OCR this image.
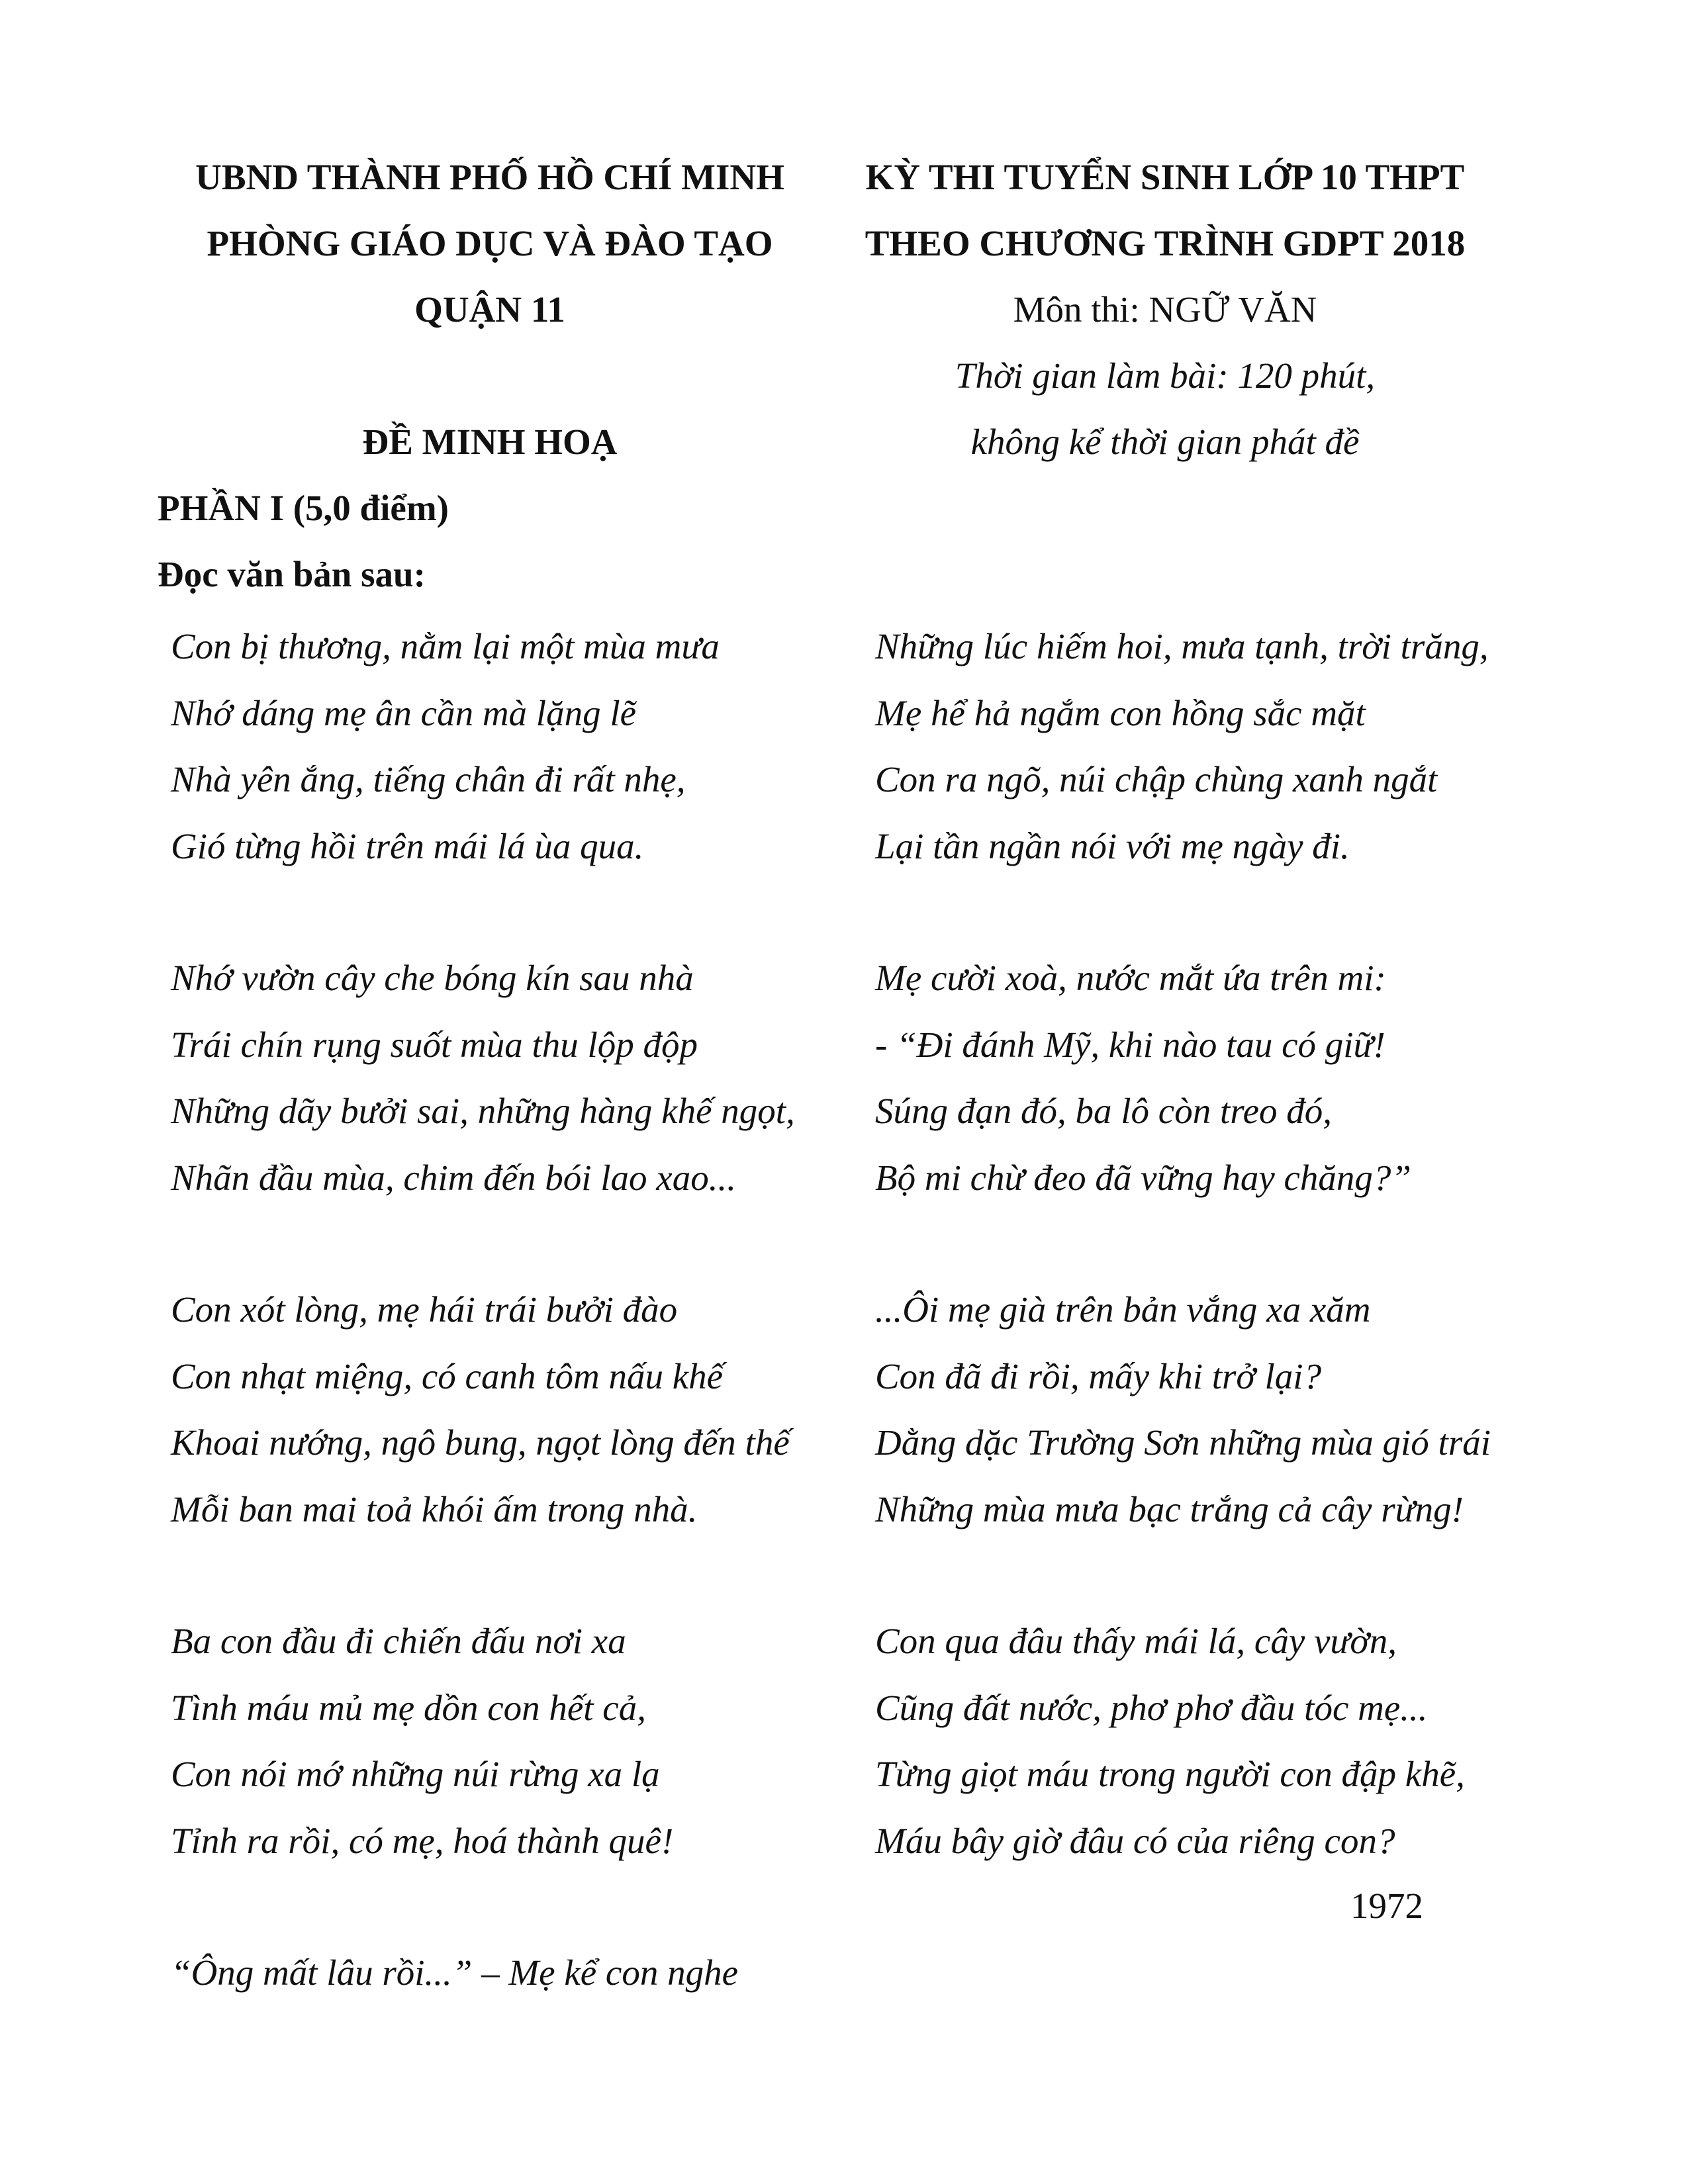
UBND THÀNH PHỐ HỒ CHÍ MINH
PHÒNG GIÁO DỤC VÀ ĐÀO TẠO
QUẬN 11
KỲ THI TUYỂN SINH LỚP 10 THPT
THEO CHƯƠNG TRÌNH GDPT 2018
Môn thi: NGỮ VĂN
Thời gian làm bài: 120 phút,
không kể thời gian phát đề
ĐỀ MINH HOẠ
PHẦN I (5,0 điểm)
Đọc văn bản sau:
Con bị thương, nằm lại một mùa mưa
Nhớ dáng mẹ ân cần mà lặng lẽ
Nhà yên ắng, tiếng chân đi rất nhẹ,
Gió từng hồi trên mái lá ùa qua.
Nhớ vườn cây che bóng kín sau nhà
Trái chín rụng suốt mùa thu lộp độp
Những dãy bưởi sai, những hàng khế ngọt,
Nhãn đầu mùa, chim đến bói lao xao...
Con xót lòng, mẹ hái trái bưởi đào
Con nhạt miệng, có canh tôm nấu khế
Khoai nướng, ngô bung, ngọt lòng đến thế
Mỗi ban mai toả khói ấm trong nhà.
Ba con đầu đi chiến đấu nơi xa
Tình máu mủ mẹ dồn con hết cả,
Con nói mớ những núi rừng xa lạ
Tỉnh ra rồi, có mẹ, hoá thành quê!
“Ông mất lâu rồi...” – Mẹ kể con nghe
Những lúc hiếm hoi, mưa tạnh, trời trăng,
Mẹ hể hả ngắm con hồng sắc mặt
Con ra ngõ, núi chập chùng xanh ngắt
Lại tần ngần nói với mẹ ngày đi.
Mẹ cười xoà, nước mắt ứa trên mi:
- “Đi đánh Mỹ, khi nào tau có giữ!
Súng đạn đó, ba lô còn treo đó,
Bộ mi chừ đeo đã vững hay chăng?”
...Ôi mẹ già trên bản vắng xa xăm
Con đã đi rồi, mấy khi trở lại?
Dằng dặc Trường Sơn những mùa gió trái
Những mùa mưa bạc trắng cả cây rừng!
Con qua đâu thấy mái lá, cây vườn,
Cũng đất nước, phơ phơ đầu tóc mẹ...
Từng giọt máu trong người con đập khẽ,
Máu bây giờ đâu có của riêng con?
1972
